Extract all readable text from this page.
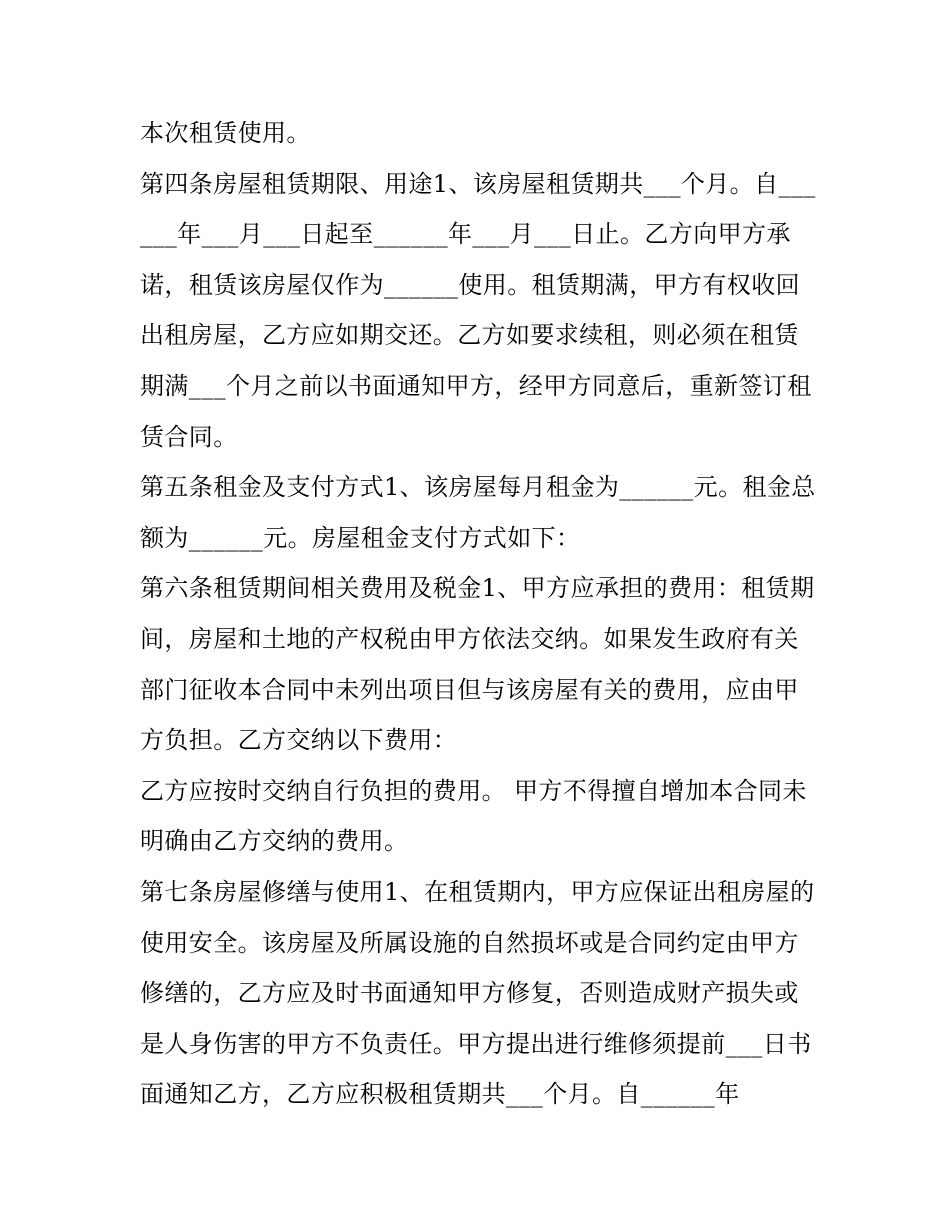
本次租赁使用。

第四条房屋租赁期限、用途1、该房屋租赁期共___个月。自______年___月___日起至______年___月___日止。乙方向甲方承诺，租赁该房屋仅作为______使用。租赁期满，甲方有权收回出租房屋，乙方应如期交还。乙方如要求续租，则必须在租赁期满___个月之前以书面通知甲方，经甲方同意后，重新签订租赁合同。

第五条租金及支付方式1、该房屋每月租金为______元。租金总额为______元。房屋租金支付方式如下：

第六条租赁期间相关费用及税金1、甲方应承担的费用：租赁期间，房屋和土地的产权税由甲方依法交纳。如果发生政府有关部门征收本合同中未列出项目但与该房屋有关的费用，应由甲方负担。乙方交纳以下费用：

乙方应按时交纳自行负担的费用。 甲方不得擅自增加本合同未明确由乙方交纳的费用。

第七条房屋修缮与使用1、在租赁期内，甲方应保证出租房屋的使用安全。该房屋及所属设施的自然损坏或是合同约定由甲方修缮的，乙方应及时书面通知甲方修复，否则造成财产损失或是人身伤害的甲方不负责任。甲方提出进行维修须提前___日书面通知乙方，乙方应积极租赁期共___个月。自______年
